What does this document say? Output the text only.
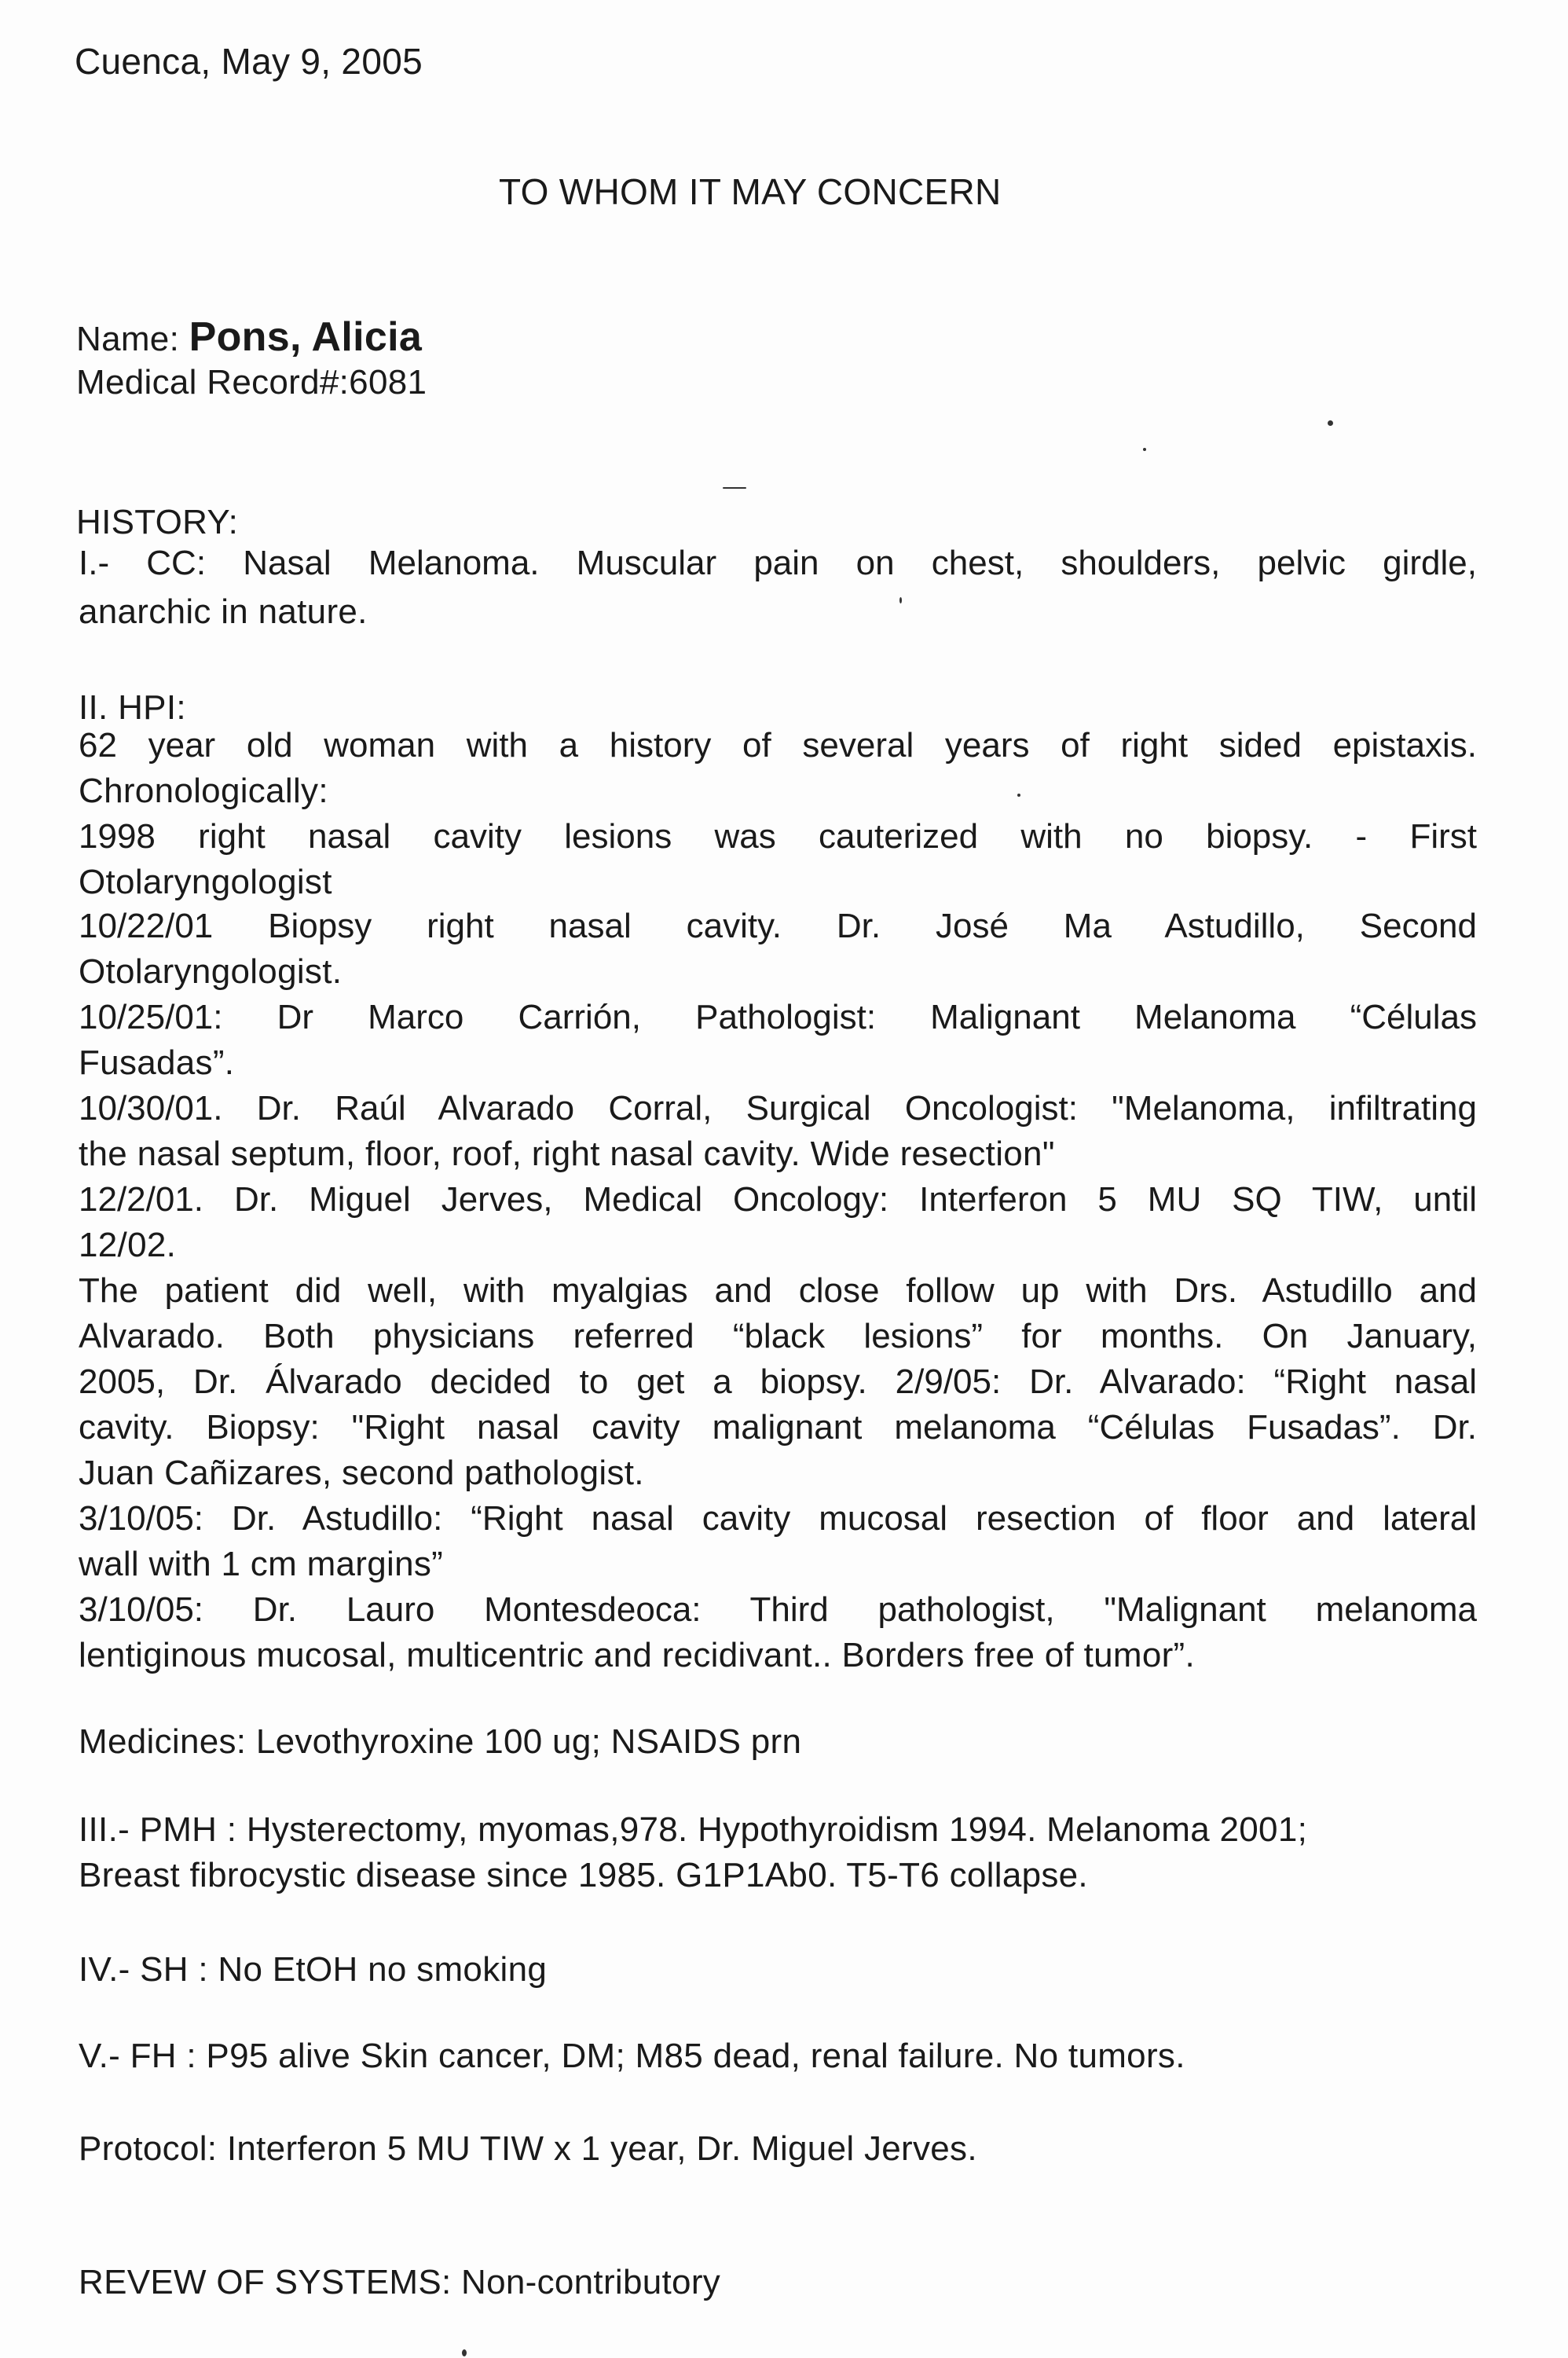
Cuenca, May 9, 2005
TO WHOM IT MAY CONCERN
Name: Pons, Alicia
Medical Record#:6081
HISTORY:
I.- CC: Nasal Melanoma. Muscular pain on chest, shoulders, pelvic girdle,
anarchic in nature.
II. HPI:
62 year old woman with a history of several years of right sided epistaxis.
Chronologically:
1998 right nasal cavity lesions was cauterized with no biopsy. - First
Otolaryngologist
10/22/01 Biopsy right nasal cavity. Dr. José Ma Astudillo, Second
Otolaryngologist.
10/25/01: Dr Marco Carrión, Pathologist: Malignant Melanoma “Células
Fusadas”.
10/30/01. Dr. Raúl Alvarado Corral, Surgical Oncologist: "Melanoma, infiltrating
the nasal septum, floor, roof, right nasal cavity. Wide resection"
12/2/01. Dr. Miguel Jerves, Medical Oncology: Interferon 5 MU SQ TIW, until
12/02.
The patient did well, with myalgias and close follow up with Drs. Astudillo and
Alvarado. Both physicians referred “black lesions” for months. On January,
2005, Dr. Álvarado decided to get a biopsy. 2/9/05: Dr. Alvarado: “Right nasal
cavity. Biopsy: "Right nasal cavity malignant melanoma “Células Fusadas”. Dr.
Juan Cañizares, second pathologist.
3/10/05: Dr. Astudillo: “Right nasal cavity mucosal resection of floor and lateral
wall with 1 cm margins”
3/10/05: Dr. Lauro Montesdeoca: Third pathologist, "Malignant melanoma
lentiginous mucosal, multicentric and recidivant.. Borders free of tumor”.
Medicines: Levothyroxine 100 ug; NSAIDS prn
III.- PMH : Hysterectomy, myomas,978. Hypothyroidism 1994. Melanoma 2001;
Breast fibrocystic disease since 1985. G1P1Ab0. T5-T6 collapse.
IV.- SH : No EtOH no smoking
V.- FH : P95 alive Skin cancer, DM; M85 dead, renal failure. No tumors.
Protocol: Interferon 5 MU TIW x 1 year, Dr. Miguel Jerves.
REVEW OF SYSTEMS: Non-contributory
